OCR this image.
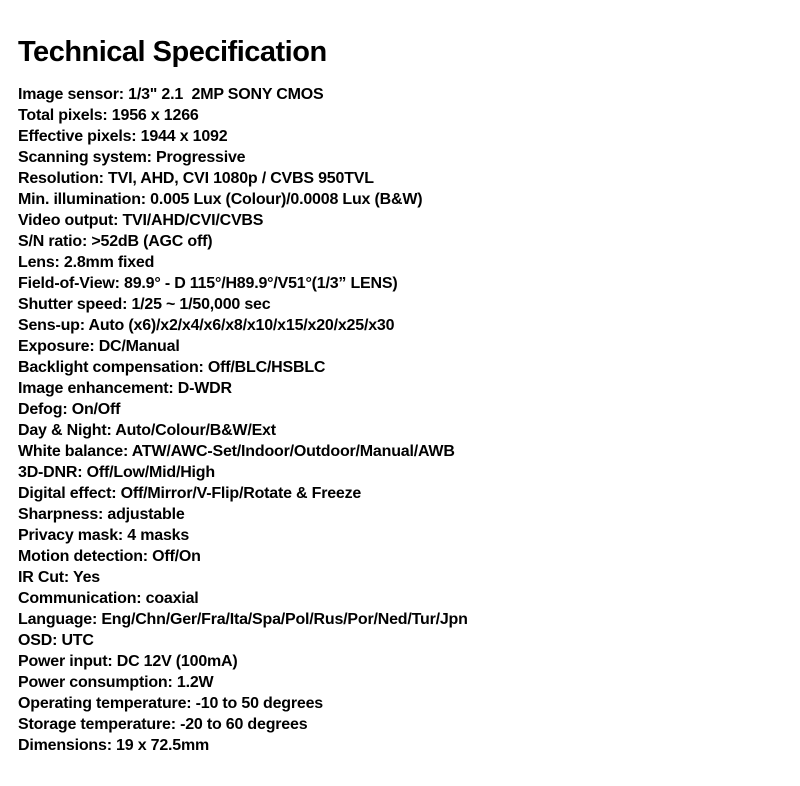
Technical Specification
Image sensor: 1/3" 2.1  2MP SONY CMOS
Total pixels: 1956 x 1266
Effective pixels: 1944 x 1092
Scanning system: Progressive
Resolution: TVI, AHD, CVI 1080p / CVBS 950TVL
Min. illumination: 0.005 Lux (Colour)/0.0008 Lux (B&W)
Video output: TVI/AHD/CVI/CVBS
S/N ratio: >52dB (AGC off)
Lens: 2.8mm fixed
Field-of-View: 89.9° - D 115°/H89.9°/V51°(1/3” LENS)
Shutter speed: 1/25 ~ 1/50,000 sec
Sens-up: Auto (x6)/x2/x4/x6/x8/x10/x15/x20/x25/x30
Exposure: DC/Manual
Backlight compensation: Off/BLC/HSBLC
Image enhancement: D-WDR
Defog: On/Off
Day & Night: Auto/Colour/B&W/Ext
White balance: ATW/AWC-Set/Indoor/Outdoor/Manual/AWB
3D-DNR: Off/Low/Mid/High
Digital effect: Off/Mirror/V-Flip/Rotate & Freeze
Sharpness: adjustable
Privacy mask: 4 masks
Motion detection: Off/On
IR Cut: Yes
Communication: coaxial
Language: Eng/Chn/Ger/Fra/Ita/Spa/Pol/Rus/Por/Ned/Tur/Jpn
OSD: UTC
Power input: DC 12V (100mA)
Power consumption: 1.2W
Operating temperature: -10 to 50 degrees
Storage temperature: -20 to 60 degrees
Dimensions: 19 x 72.5mm
